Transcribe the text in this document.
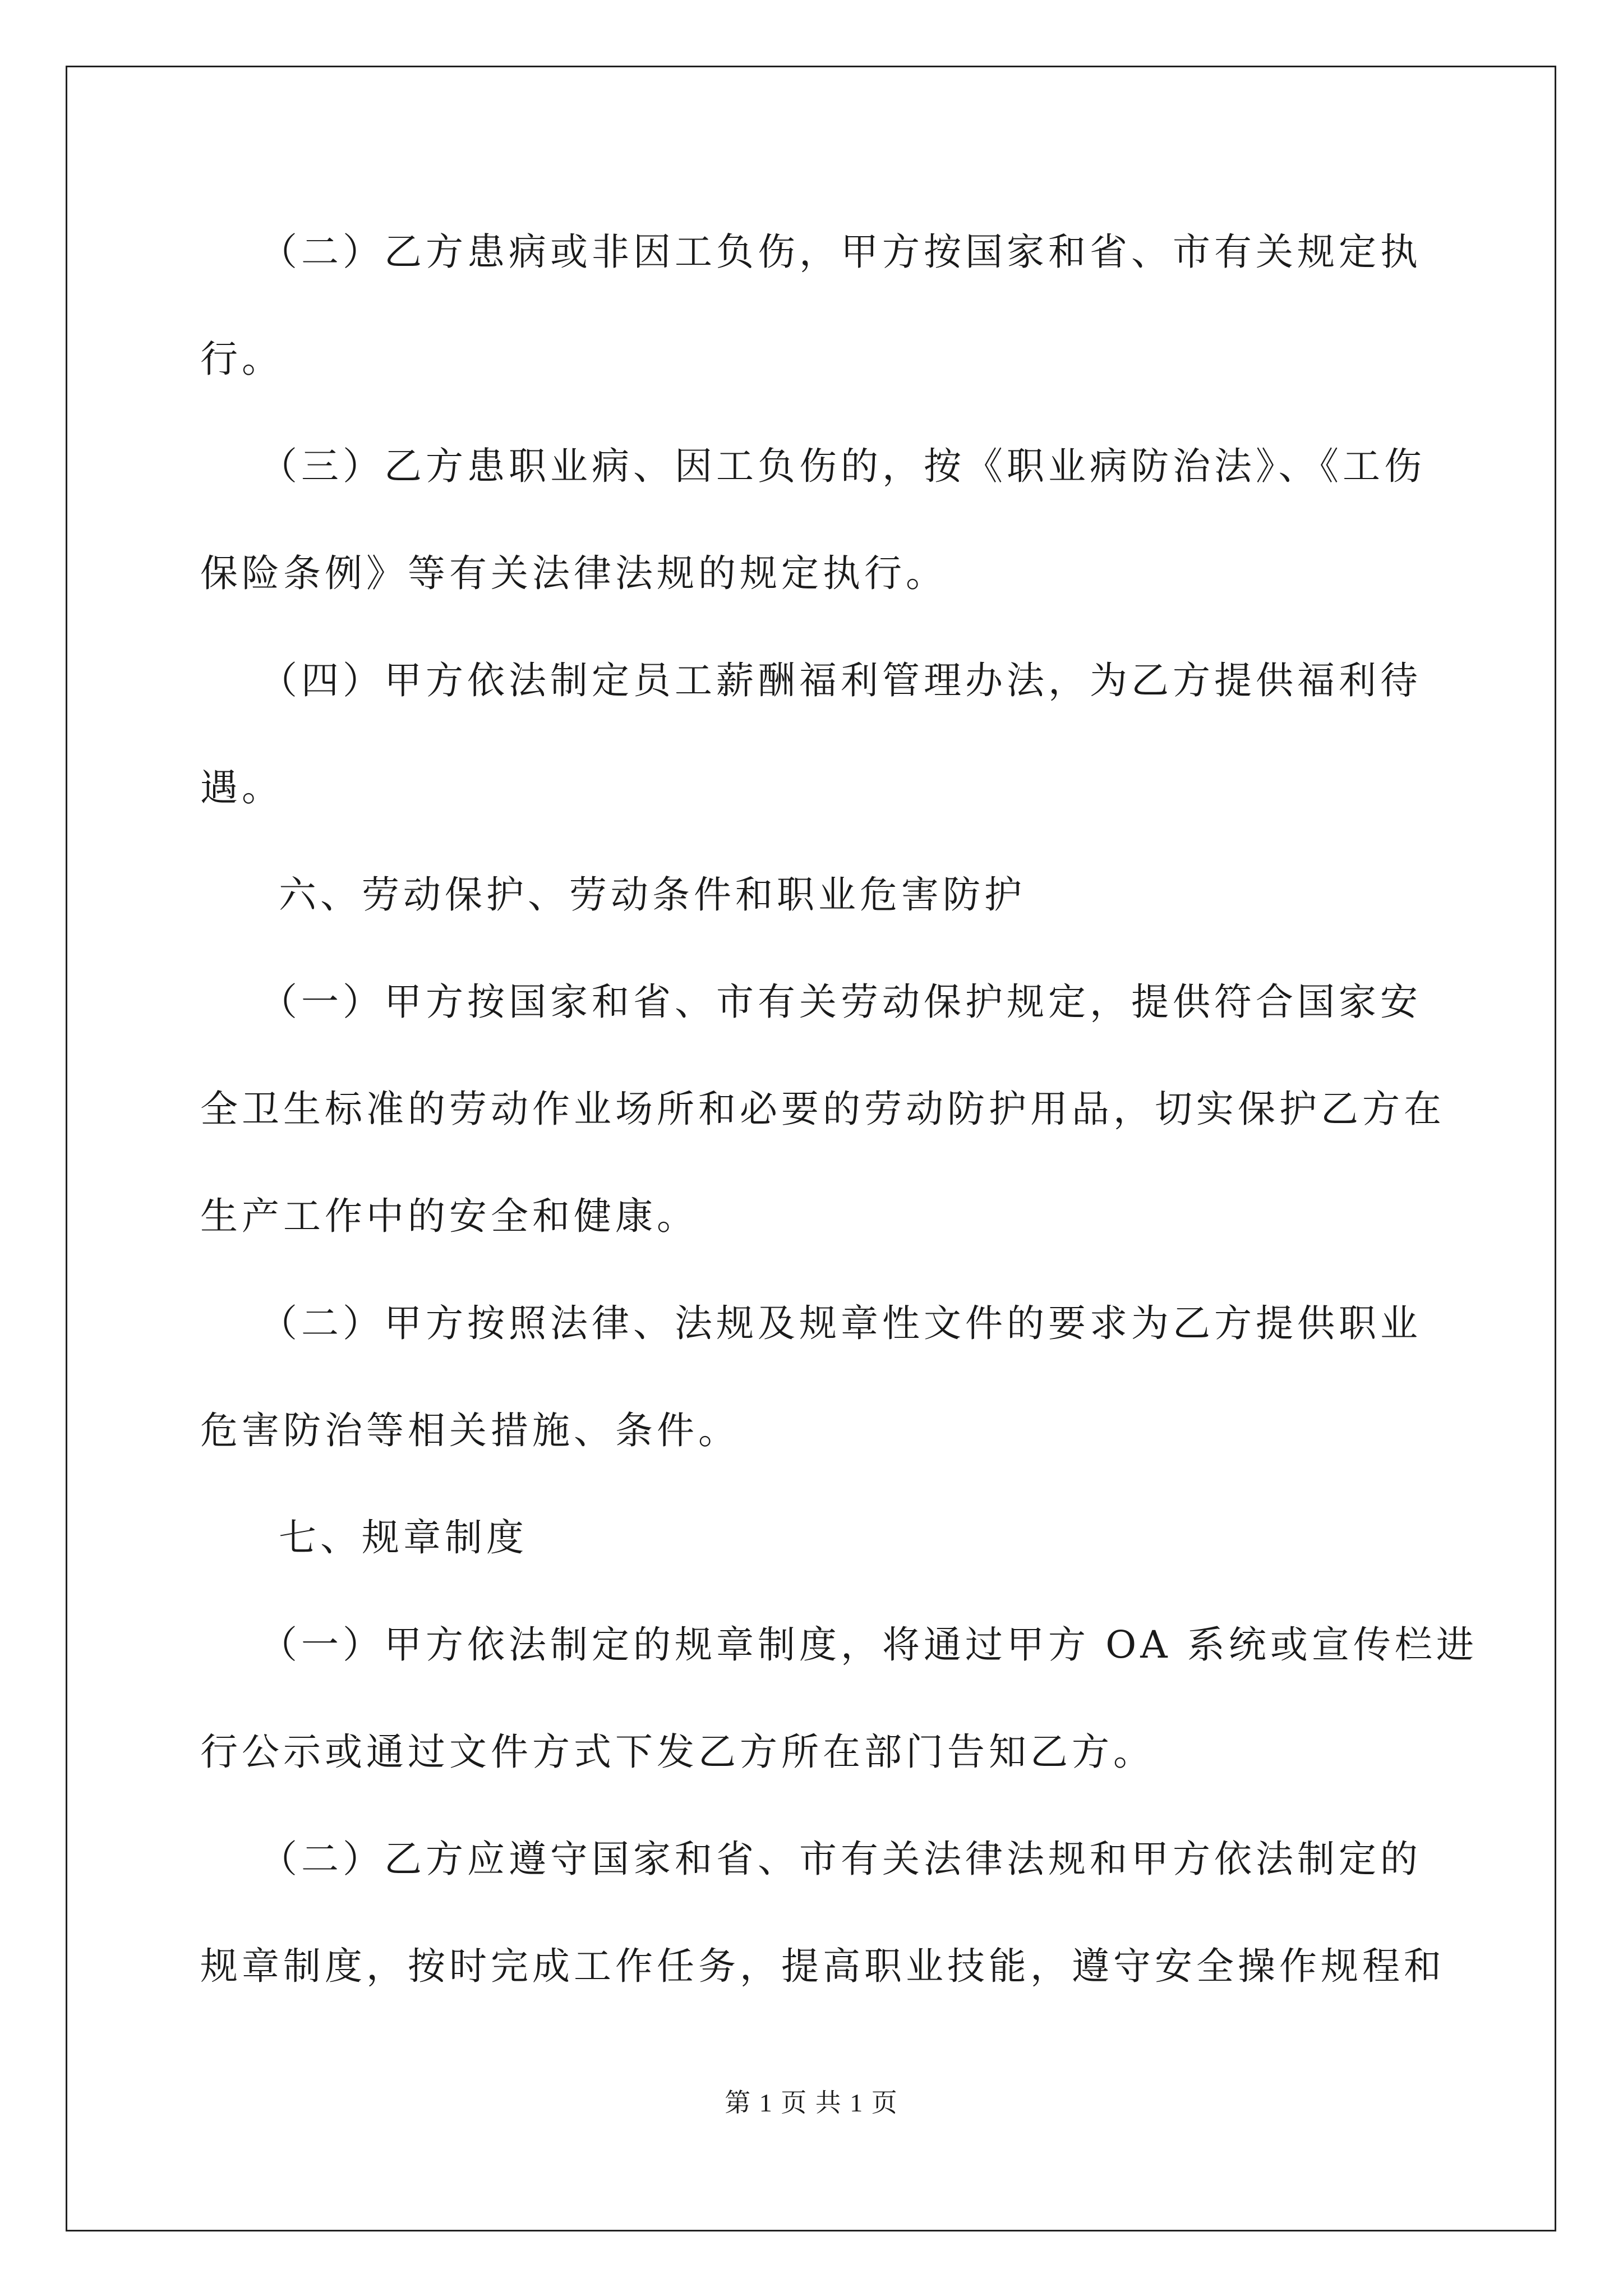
（二）乙方患病或非因工负伤，甲方按国家和省、市有关规定执
行。
（三）乙方患职业病、因工负伤的，按《职业病防治法》、《工伤
保险条例》等有关法律法规的规定执行。
（四）甲方依法制定员工薪酬福利管理办法，为乙方提供福利待
遇。
六、劳动保护、劳动条件和职业危害防护
（一）甲方按国家和省、市有关劳动保护规定，提供符合国家安
全卫生标准的劳动作业场所和必要的劳动防护用品，切实保护乙方在
生产工作中的安全和健康。
（二）甲方按照法律、法规及规章性文件的要求为乙方提供职业
危害防治等相关措施、条件。
七、规章制度
（一）甲方依法制定的规章制度，将通过甲方 OA 系统或宣传栏进
行公示或通过文件方式下发乙方所在部门告知乙方。
（二）乙方应遵守国家和省、市有关法律法规和甲方依法制定的
规章制度，按时完成工作任务，提高职业技能，遵守安全操作规程和
第 1 页 共 1 页
